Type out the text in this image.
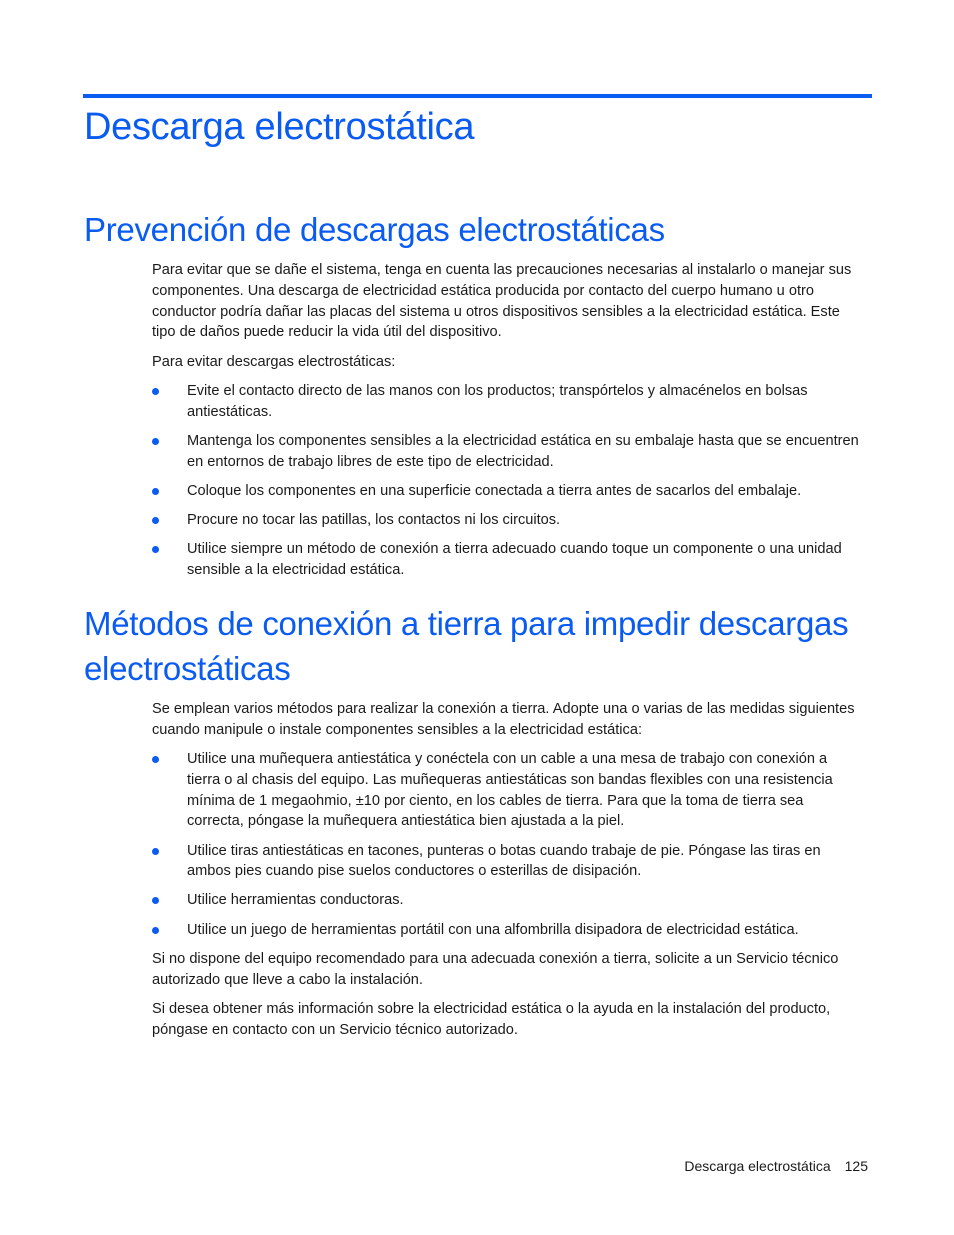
Descarga electrostática
Prevención de descargas electrostáticas

Para evitar que se dañe el sistema, tenga en cuenta las precauciones necesarias al instalarlo o manejar sus componentes. Una descarga de electricidad estática producida por contacto del cuerpo humano u otro conductor podría dañar las placas del sistema u otros dispositivos sensibles a la electricidad estática. Este tipo de daños puede reducir la vida útil del dispositivo.

Para evitar descargas electrostáticas:

Evite el contacto directo de las manos con los productos; transpórtelos y almacénelos en bolsas antiestáticas.
Mantenga los componentes sensibles a la electricidad estática en su embalaje hasta que se encuentren en entornos de trabajo libres de este tipo de electricidad.
Coloque los componentes en una superficie conectada a tierra antes de sacarlos del embalaje.
Procure no tocar las patillas, los contactos ni los circuitos.
Utilice siempre un método de conexión a tierra adecuado cuando toque un componente o una unidad sensible a la electricidad estática.
Métodos de conexión a tierra para impedir descargas electrostáticas

Se emplean varios métodos para realizar la conexión a tierra. Adopte una o varias de las medidas siguientes cuando manipule o instale componentes sensibles a la electricidad estática:

Utilice una muñequera antiestática y conéctela con un cable a una mesa de trabajo con conexión a tierra o al chasis del equipo. Las muñequeras antiestáticas son bandas flexibles con una resistencia mínima de 1 megaohmio, ±10 por ciento, en los cables de tierra. Para que la toma de tierra sea correcta, póngase la muñequera antiestática bien ajustada a la piel.
Utilice tiras antiestáticas en tacones, punteras o botas cuando trabaje de pie. Póngase las tiras en ambos pies cuando pise suelos conductores o esterillas de disipación.
Utilice herramientas conductoras.
Utilice un juego de herramientas portátil con una alfombrilla disipadora de electricidad estática.

Si no dispone del equipo recomendado para una adecuada conexión a tierra, solicite a un Servicio técnico autorizado que lleve a cabo la instalación.

Si desea obtener más información sobre la electricidad estática o la ayuda en la instalación del producto, póngase en contacto con un Servicio técnico autorizado.

Descarga electrostática 125
